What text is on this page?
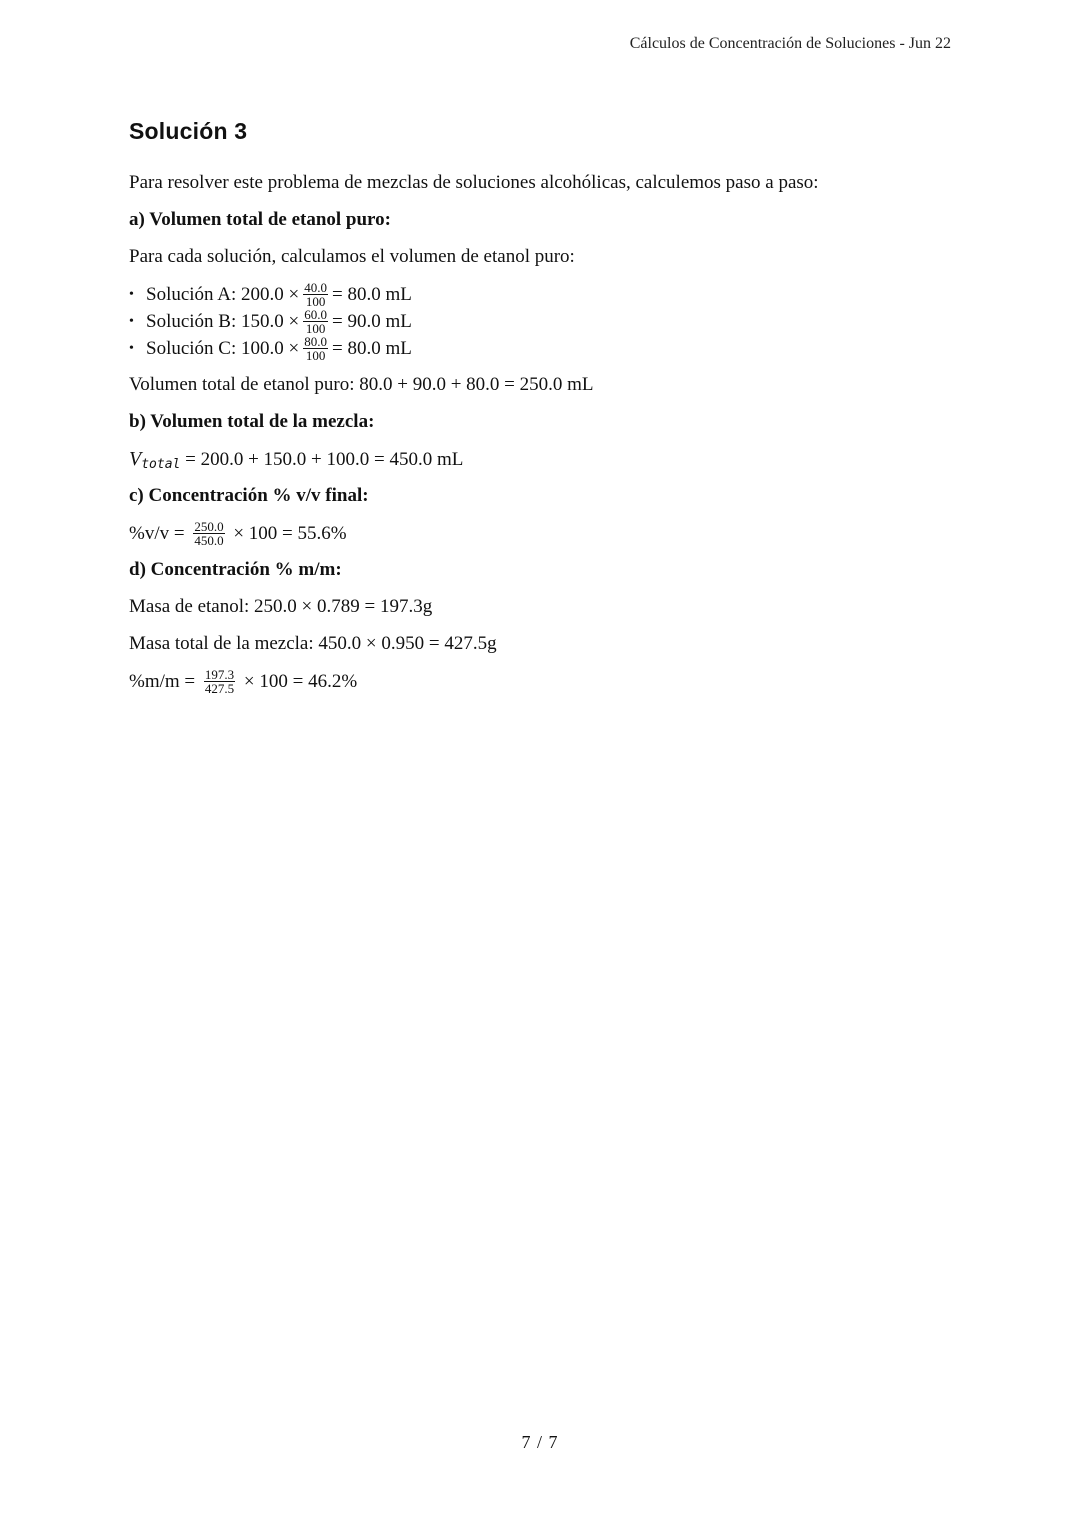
Cálculos de Concentración de Soluciones - Jun 22
Solución 3
Para resolver este problema de mezclas de soluciones alcohólicas, calculemos paso a paso:
a) Volumen total de etanol puro:
Para cada solución, calculamos el volumen de etanol puro:
• Solución A: $200.0 \times \frac{40.0}{100} = 80.0$ mL
• Solución B: $150.0 \times \frac{60.0}{100} = 90.0$ mL
• Solución C: $100.0 \times \frac{80.0}{100} = 80.0$ mL
Volumen total de etanol puro: 80.0 + 90.0 + 80.0 = 250.0 mL
b) Volumen total de la mezcla:
V total = 200.0 + 150.0 + 100.0 = 450.0 mL
c) Concentración % v/v final:
$\%v/v = \frac{250.0}{450.0} \times 100 = 55.6\%$
d) Concentración % m/m:
Masa de etanol: 250.0 × 0.789 = 197.3g
Masa total de la mezcla: 450.0 × 0.950 = 427.5g
$\%m/m = \frac{197.3}{427.5} \times 100 = 46.2\%$
7 / 7
